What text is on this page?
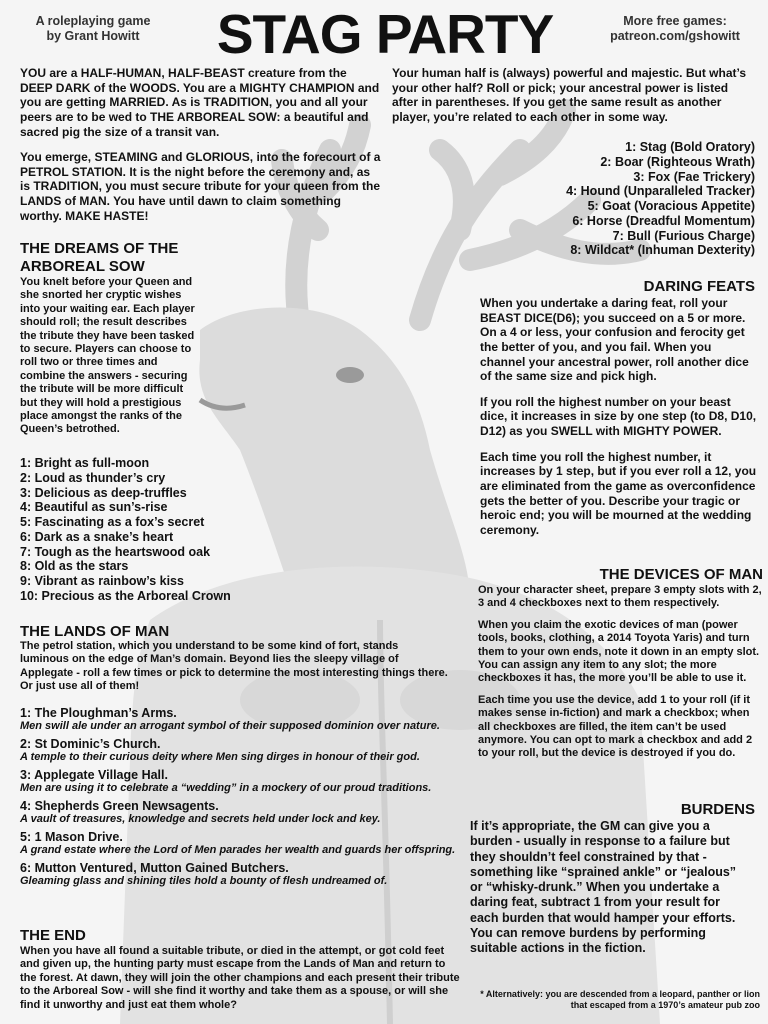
A roleplaying game by Grant Howitt	STAG PARTY	More free games: patreon.com/gshowitt

YOU are a HALF-HUMAN, HALF-BEAST creature from the DEEP DARK of the WOODS. You are a MIGHTY CHAMPION and you are getting MARRIED. As is TRADITION, you and all your peers are to be wed to THE ARBOREAL SOW: a beautiful and sacred pig the size of a transit van.

You emerge, STEAMING and GLORIOUS, into the forecourt of a PETROL STATION. It is the night before the ceremony and, as is TRADITION, you must secure tribute for your queen from the LANDS of MAN. You have until dawn to claim something worthy. MAKE HASTE!

THE DREAMS OF THE
ARBOREAL SOW
You knelt before your Queen and she snorted her cryptic wishes into your waiting ear. Each player should roll; the result describes the tribute they have been tasked to secure. Players can choose to roll two or three times and combine the answers - securing the tribute will be more difficult but they will hold a prestigious place amongst the ranks of the Queen’s betrothed.
1: Bright as full-moon
2: Loud as thunder’s cry
3: Delicious as deep-truffles
4: Beautiful as sun’s-rise
5: Fascinating as a fox’s secret
6: Dark as a snake’s heart
7: Tough as the heartswood oak
8: Old as the stars
9: Vibrant as rainbow’s kiss
10: Precious as the Arboreal Crown
THE LANDS OF MAN
The petrol station, which you understand to be some kind of fort, stands luminous on the edge of Man’s domain. Beyond lies the sleepy village of Applegate - roll a few times or pick to determine the most interesting things there. Or just use all of them!
1: The Ploughman’s Arms.
Men swill ale under an arrogant symbol of their supposed dominion over nature.
2: St Dominic’s Church.
A temple to their curious deity where Men sing dirges in honour of their god.
3: Applegate Village Hall.
Men are using it to celebrate a “wedding” in a mockery of our proud traditions.
4: Shepherds Green Newsagents.
A vault of treasures, knowledge and secrets held under lock and key.
5: 1 Mason Drive.
A grand estate where the Lord of Men parades her wealth and guards her offspring.
6: Mutton Ventured, Mutton Gained Butchers.
Gleaming glass and shining tiles hold a bounty of flesh undreamed of.
THE END
When you have all found a suitable tribute, or died in the attempt, or got cold feet and given up, the hunting party must escape from the Lands of Man and return to the forest. At dawn, they will join the other champions and each present their tribute to the Arboreal Sow - will she find it worthy and take them as a spouse, or will she find it unworthy and just eat them whole?

Your human half is (always) powerful and majestic. But what’s your other half? Roll or pick; your ancestral power is listed after in parentheses. If you get the same result as another player, you’re related to each other in some way.

1: Stag (Bold Oratory)
2: Boar (Righteous Wrath)
3: Fox (Fae Trickery)
4: Hound (Unparalleled Tracker)
5: Goat (Voracious Appetite)
6: Horse (Dreadful Momentum)
7: Bull (Furious Charge)
8: Wildcat* (Inhuman Dexterity)
DARING FEATS

When you undertake a daring feat, roll your BEAST DICE(D6); you succeed on a 5 or more. On a 4 or less, your confusion and ferocity get the better of you, and you fail. When you channel your ancestral power, roll another dice of the same size and pick high.

If you roll the highest number on your beast dice, it increases in size by one step (to D8, D10, D12) as you SWELL with MIGHTY POWER.

Each time you roll the highest number, it increases by 1 step, but if you ever roll a 12, you are eliminated from the game as overconfidence gets the better of you. Describe your tragic or heroic end; you will be mourned at the wedding ceremony.

THE DEVICES OF MAN

On your character sheet, prepare 3 empty slots with 2, 3 and 4 checkboxes next to them respectively.

When you claim the exotic devices of man (power tools, books, clothing, a 2014 Toyota Yaris) and turn them to your own ends, note it down in an empty slot. You can assign any item to any slot; the more checkboxes it has, the more you’ll be able to use it.

Each time you use the device, add 1 to your roll (if it makes sense in-fiction) and mark a checkbox; when all checkboxes are filled, the item can’t be used anymore. You can opt to mark a checkbox and add 2 to your roll, but the device is destroyed if you do.

BURDENS
If it’s appropriate, the GM can give you a burden - usually in response to a failure but they shouldn’t feel constrained by that - something like “sprained ankle” or “jealous” or “whisky-drunk.” When you undertake a daring feat, subtract 1 from your result for each burden that would hamper your efforts. You can remove burdens by performing suitable actions in the fiction.
* Alternatively: you are descended from a leopard, panther or lion that escaped from a 1970’s amateur pub zoo
